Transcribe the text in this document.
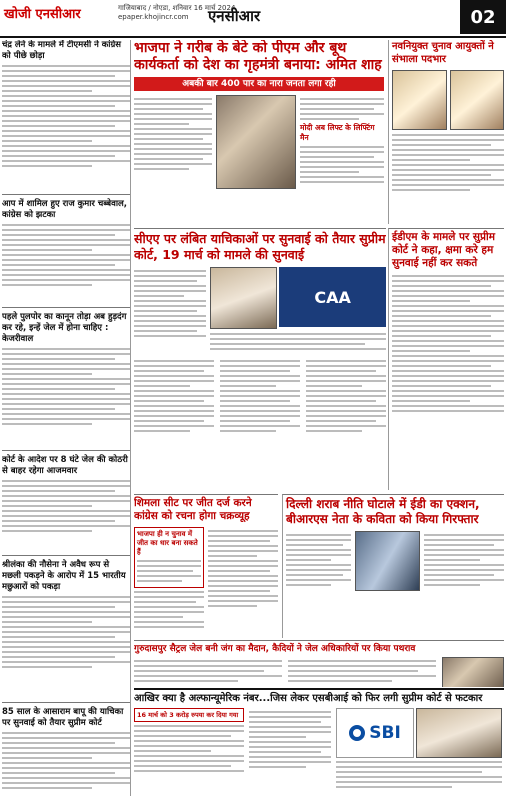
खोजी एनसीआर	गाजियाबाद / नोएडा, शनिवार 16 मार्च 2024
epaper.khojincr.com	एनसीआर	02
चंद्र लेने के मामले में टीएमसी ने कांग्रेस को पीछे छोड़ा
आप में शामिल हुए राज कुमार चब्बेवाल, कांग्रेस को झटका
पहले पुलपोर का कानून तोड़ा अब हुड़दंग कर रहे, इन्हें जेल में होना चाहिए : केजरीवाल
कोर्ट के आदेश पर 8 घंटे जेल की कोठरी से बाहर रहेगा आजमवार
श्रीलंका की नौसेना ने अवैध रूप से मछली पकड़ने के आरोप में 15 भारतीय मछुआरों को पकड़ा
85 साल के आसाराम बापू की याचिका पर सुनवाई को तैयार सुप्रीम कोर्ट
भाजपा ने गरीब के बेटे को पीएम और बूथ कार्यकर्ता को देश का गृहमंत्री बनाया: अमित शाह
अबकी बार 400 पार का नारा जनता लगा रही
मोदी अब लिफ्ट के लिफ्टिंग मैन
नवनियुक्त चुनाव आयुक्तों ने संभाला पदभार
सीएए पर लंबित याचिकाओं पर सुनवाई को तैयार सुप्रीम कोर्ट, 19 मार्च को मामले की सुनवाई
CAA
ईडीएम के मामले पर सुप्रीम कोर्ट ने कहा, क्षमा करे हम सुनवाई नहीं कर सकते
शिमला सीट पर जीत दर्ज करने कांग्रेस को रचना होगा चक्रव्यूह
भाजपा ही न चुनाव में जीत का धार बना सकते हैं
दिल्ली शराब नीति घोटाले में ईडी का एक्शन, बीआरएस नेता के कविता को किया गिरफ्तार
गुरुदासपुर सैट्रल जेल बनी जंग का मैदान, कैदियों ने जेल अधिकारियों पर किया पथराव
आखिर क्या है अल्फान्यूमेरिक नंबर...जिस लेकर एसबीआई को फिर लगी सुप्रीम कोर्ट से फटकार
16 मार्च को 3 करोड़ रुपया कर दिया गया
SBI
